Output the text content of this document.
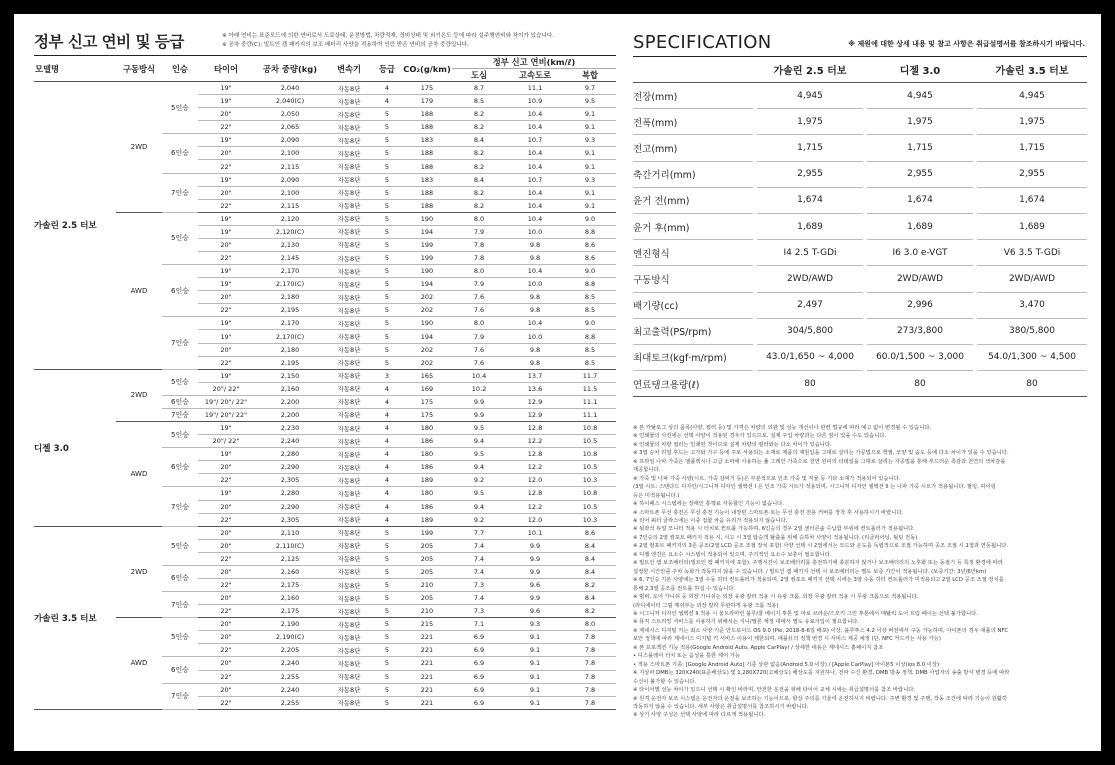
정부 신고 연비 및 등급	※ 아래 연비는 표준모드에 의한 연비로서 도로상태, 운전방법, 차량적재, 정비상태 및 외기온도 등에 따라 실주행연비와 차이가 있습니다.
※ 공차 중량(C): 빌트인 캠 패키지의 보조 배터리 사양을 적용하여 인증 받은 연비의 공차 중량입니다.
모델명	구동방식	인승	타이어	공차 중량(kg)	변속기	등급	CO₂(g/km)	정부 신고 연비(km/ℓ)		
								도심	고속도로	복합
가솔린 2.5 터보	2WD	5인승	19"	2,040	자동8단	4	175	8.7	11.1	9.7
			19"	2,040(C)	자동8단	4	179	8.5	10.9	9.5
			20"	2,050	자동8단	5	188	8.2	10.4	9.1
			22"	2,065	자동8단	5	188	8.2	10.4	9.1
		6인승	19"	2,090	자동8단	5	183	8.4	10.7	9.3
			20"	2,100	자동8단	5	188	8.2	10.4	9.1
			22"	2,115	자동8단	5	188	8.2	10.4	9.1
		7인승	19"	2,090	자동8단	5	183	8.4	10.7	9.3
			20"	2,100	자동8단	5	188	8.2	10.4	9.1
			22"	2,115	자동8단	5	188	8.2	10.4	9.1
	AWD	5인승	19"	2,120	자동8단	5	190	8.0	10.4	9.0
			19"	2,120(C)	자동8단	5	194	7.9	10.0	8.8
			20"	2,130	자동8단	5	199	7.8	9.8	8.6
			22"	2,145	자동8단	5	199	7.8	9.8	8.6
		6인승	19"	2,170	자동8단	5	190	8.0	10.4	9.0
			19"	2,170(C)	자동8단	5	194	7.9	10.0	8.8
			20"	2,180	자동8단	5	202	7.6	9.8	8.5
			22"	2,195	자동8단	5	202	7.6	9.8	8.5
		7인승	19"	2,170	자동8단	5	190	8.0	10.4	9.0
			19"	2,170(C)	자동8단	5	194	7.9	10.0	8.8
			20"	2,180	자동8단	5	202	7.6	9.8	8.5
			22"	2,195	자동8단	5	202	7.6	9.8	8.5
디젤 3.0	2WD	5인승	19"	2,150	자동8단	3	165	10.4	13.7	11.7
			20"/ 22"	2,160	자동8단	4	169	10.2	13.6	11.5
		6인승	19"/ 20"/ 22"	2,200	자동8단	4	175	9.9	12.9	11.1
		7인승	19"/ 20"/ 22"	2,200	자동8단	4	175	9.9	12.9	11.1
	AWD	5인승	19"	2,230	자동8단	4	180	9.5	12.8	10.8
			20"/ 22"	2,240	자동8단	4	186	9.4	12.2	10.5
		6인승	19"	2,280	자동8단	4	180	9.5	12.8	10.8
			20"	2,290	자동8단	4	186	9.4	12.2	10.5
			22"	2,305	자동8단	4	189	9.2	12.0	10.3
		7인승	19"	2,280	자동8단	4	180	9.5	12.8	10.8
			20"	2,290	자동8단	4	186	9.4	12.2	10.5
			22"	2,305	자동8단	4	189	9.2	12.0	10.3
가솔린 3.5 터보	2WD	5인승	20"	2,110	자동8단	5	199	7.7	10.1	8.6
			20"	2,110(C)	자동8단	5	205	7.4	9.9	8.4
			22"	2,125	자동8단	5	205	7.4	9.9	8.4
		6인승	20"	2,160	자동8단	5	205	7.4	9.9	8.4
			22"	2,175	자동8단	5	210	7.3	9.6	8.2
		7인승	20"	2,160	자동8단	5	205	7.4	9.9	8.4
			22"	2,175	자동8단	5	210	7.3	9.6	8.2
	AWD	5인승	20"	2,190	자동8단	5	215	7.1	9.3	8.0
			20"	2,190(C)	자동8단	5	221	6.9	9.1	7.8
			22"	2,205	자동8단	5	221	6.9	9.1	7.8
		6인승	20"	2,240	자동8단	5	221	6.9	9.1	7.8
			22"	2,255	자동8단	5	221	6.9	9.1	7.8
		7인승	20"	2,240	자동8단	5	221	6.9	9.1	7.8
			22"	2,255	자동8단	5	221	6.9	9.1	7.8
SPECIFICATION	※ 제원에 대한 상세 내용 및 참고 사항은 취급설명서를 참조하시기 바랍니다.
		가솔린 2.5 터보		디젤 3.0		가솔린 3.5 터보
전장(mm)		4,945		4,945		4,945
전폭(mm)		1,975		1,975		1,975
전고(mm)		1,715		1,715		1,715
축간거리(mm)		2,955		2,955		2,955
윤거 전(mm)		1,674		1,674		1,674
윤거 후(mm)		1,689		1,689		1,689
엔진형식		I4 2.5 T-GDi		I6 3.0 e-VGT		V6 3.5 T-GDi
구동방식		2WD/AWD		2WD/AWD		2WD/AWD
배기량(cc)		2,497		2,996		3,470
최고출력(PS/rpm)		304/5,800		273/3,800		380/5,800
최대토크(kgf·m/rpm)		43.0/1,650 ~ 4,000		60.0/1,500 ~ 3,000		54.0/1,300 ~ 4,500
연료탱크용량(ℓ)		80		80		80
※ 본 카탈로그 상의 품목(사양, 컬러 등) 및 가격은 차량의 외관 및 성능 개선이나 관련 법규에 따라 예고 없이 변경될 수 있습니다.
※ 인쇄물의 사진에는 선택 사양이 적용된 경우가 있으므로, 실제 구입 차량과는 다른 점이 있을 수도 있습니다.
※ 인쇄물의 차량 컬러는 인쇄된 것이므로 실제 차량의 컬러와는 다소 차이가 있습니다.
※ 3열 승차 리얼 후드는 고가와 가구 등에 주로 사용되는 소재로 제품의 제원입을 그대로 살리는 가공법으로 핵필, 모양 및 숨도 등에 다소 차이가 있을 수 있습니다.
※ 프라임 나파 가죽은 엠플렉시나 고급 소파에 사용하는 풀 그레인 가죽으로 천연 원피의 더테일을 그대로 살리는 가공법을 통해 부드러운 촉감과 천연의 색차감을
재공합니다.
※ 가죽 및 나파 가죽 사양(시트, 가죽 감싸기 등)은 부분적으로 인조 가죽 및 직물 등 기타 소재가 적용되어 있습니다.
(3열 시트: 스탠다드 디자인/시그니처 디자인 셀렉션 I 은 인조 가죽 시트가 적용되며, 시그니처 디자인 셀렉션 II 는 나파 가죽 시트가 적용됩니다. 필링, 파이핑
등은 미적용됩니다.)
※ 하이패스 시스템에는 장애인 통행료 자동할인 기능이 없습니다.
※ 스마트폰 무선 충전은 무선 충전 기능이 내장된 스마트폰 또는 무선 충전 전용 커버를 장착 후 사용하시기 바랍니다.
※ 리어 쿼터 글라스에는 이중 접합 차음 유리가 적용되지 않습니다.
※ 뒷좌석 듀얼 모니터 적용 시 터치로 컨트롤 가능하며, 6인승의 경우 2열 센터콘솔 수납함 부위에 컨트롤러가 적용됩니다.
※ 7인승의 2열 컴포트 패키지 적용 시, 시고 시 3열 탑승객 탈출을 위해 승하차 사양이 적용됩니다. (리클라이닝, 틸팅 전동)
※ 2열 컴포트 패키지의 3존 공조(2열 LCD 공조 조절 장치 포함) 사양 선택 시 2열에서는 모드와 온도를 독립적으로 조절 가능하며 공조 조절 시 1열과 연동됩니다.
※ 디젤 엔진은 요소수 시스템이 적용되어 있으며, 주기적인 요소수 보충이 필요합니다.
※ 빌트인 캠 보조배터리(빌트인 캠 패키지에 포함): 주행시간이 보조배터리를 충전하기에 충분하지 않거나 보조배터리의 노후화 또는 동절기 등 특정 환경에 따라
설정한 시간만큼 주차 녹화가 작동하지 않을 수 있습니다. / 빌트인 캠 패키지 선택 시 보조배터리는 별도 보증 기간이 적용됩니다. (보증기간: 3년/6만km)
※ 6, 7인승 기본 사양에는 3열 수동 히터 컨트롤러가 적용되며, 2열 컴포트 패키지 선택 시에는 3열 수동 히터 컨트롤러가 미적용되고 2열 LCD 공조 조절 장치를
통해 2,3열 공조를 컨트롤 하실 수 있습니다.
※ 범퍼, 도어 가니쉬 등 외장 가니쉬는 외장 유광 칼라 적용 시 유광 크롬, 외장 무광 칼라 적용 시 무광 크롬으로 적용됩니다.
(라디에이터 그릴 메쉬부는 외장 칼라 무관하게 유광 크롬 적용)
※ 시그니처 디자인 셀렉션 II 적용 시 울트라마린 블루/쿨 베이지 투톤 및 마로 브라운/스모키 그린 투톤에서 메탈릭 도어 트림 페이는 선택 불가합니다.
※ 뮤직 스트리밍 서비스를 이용하기 위해서는 지니/멜론 계정 내에서 별도 유료가입이 필요합니다.
※ 제네시스 디지털 키는 최소 사양 기준 안드로이드 OS 9.0 (Pie, 2018-8-6일 배포) 이상, 블루투스 4.2 이상 버전에서 구동 가능하며, 아이폰의 경우 애플의 NFC
보안 정책에 따라 제네시스 디지털 키 서비스 이용이 제한되며, 애플社의 정책 변경 시 서비스 제공 예정 (단, NFC 카드키는 사용 가능)
※ 폰 프로젝션 기능 적용(Google Android Auto, Apple CarPlay) / 상세한 내용은 제네시스 홈페이지 참조
• 디스플레이 터치 또는 음성을 통한 제어 가능
• 적용 스마트폰 기종: [Google Android Auto] 기종 상관 없음(Android 5.0 이상) / [Apple CarPlay] 아이폰5 이상(ios 8.0 이상)
※ 지상파 DMB는 320X240(표준해상도) 및 1,280X720(고해상도) 해상도를 지원하나, 전파 수신 환경, DMB 방송 정책, DMB 사업자의 송출 방식 변경 등에 따라
수신이 불가할 수 있습니다.
※ 타이어별 성능 차이가 있으니 선택 시 확인 바라며, 안전한 운전을 위해 타이어 교체 시에는 취급설명서를 참조 바랍니다.
※ 원격 운전자 보조 시스템은 운전자의 운전을 보조하는 기능이므로, 항상 주의를 기울여 운전하시기 바랍니다. 주변 환경 및 주행, 작동 조건에 따라 기능이 원활히
작동하지 않을 수 있습니다. 세부 사항은 취급설명서를 참조하시기 바랍니다.
※ 상기 사양 구성은 선택 사양에 따라 다르게 적용됩니다.
